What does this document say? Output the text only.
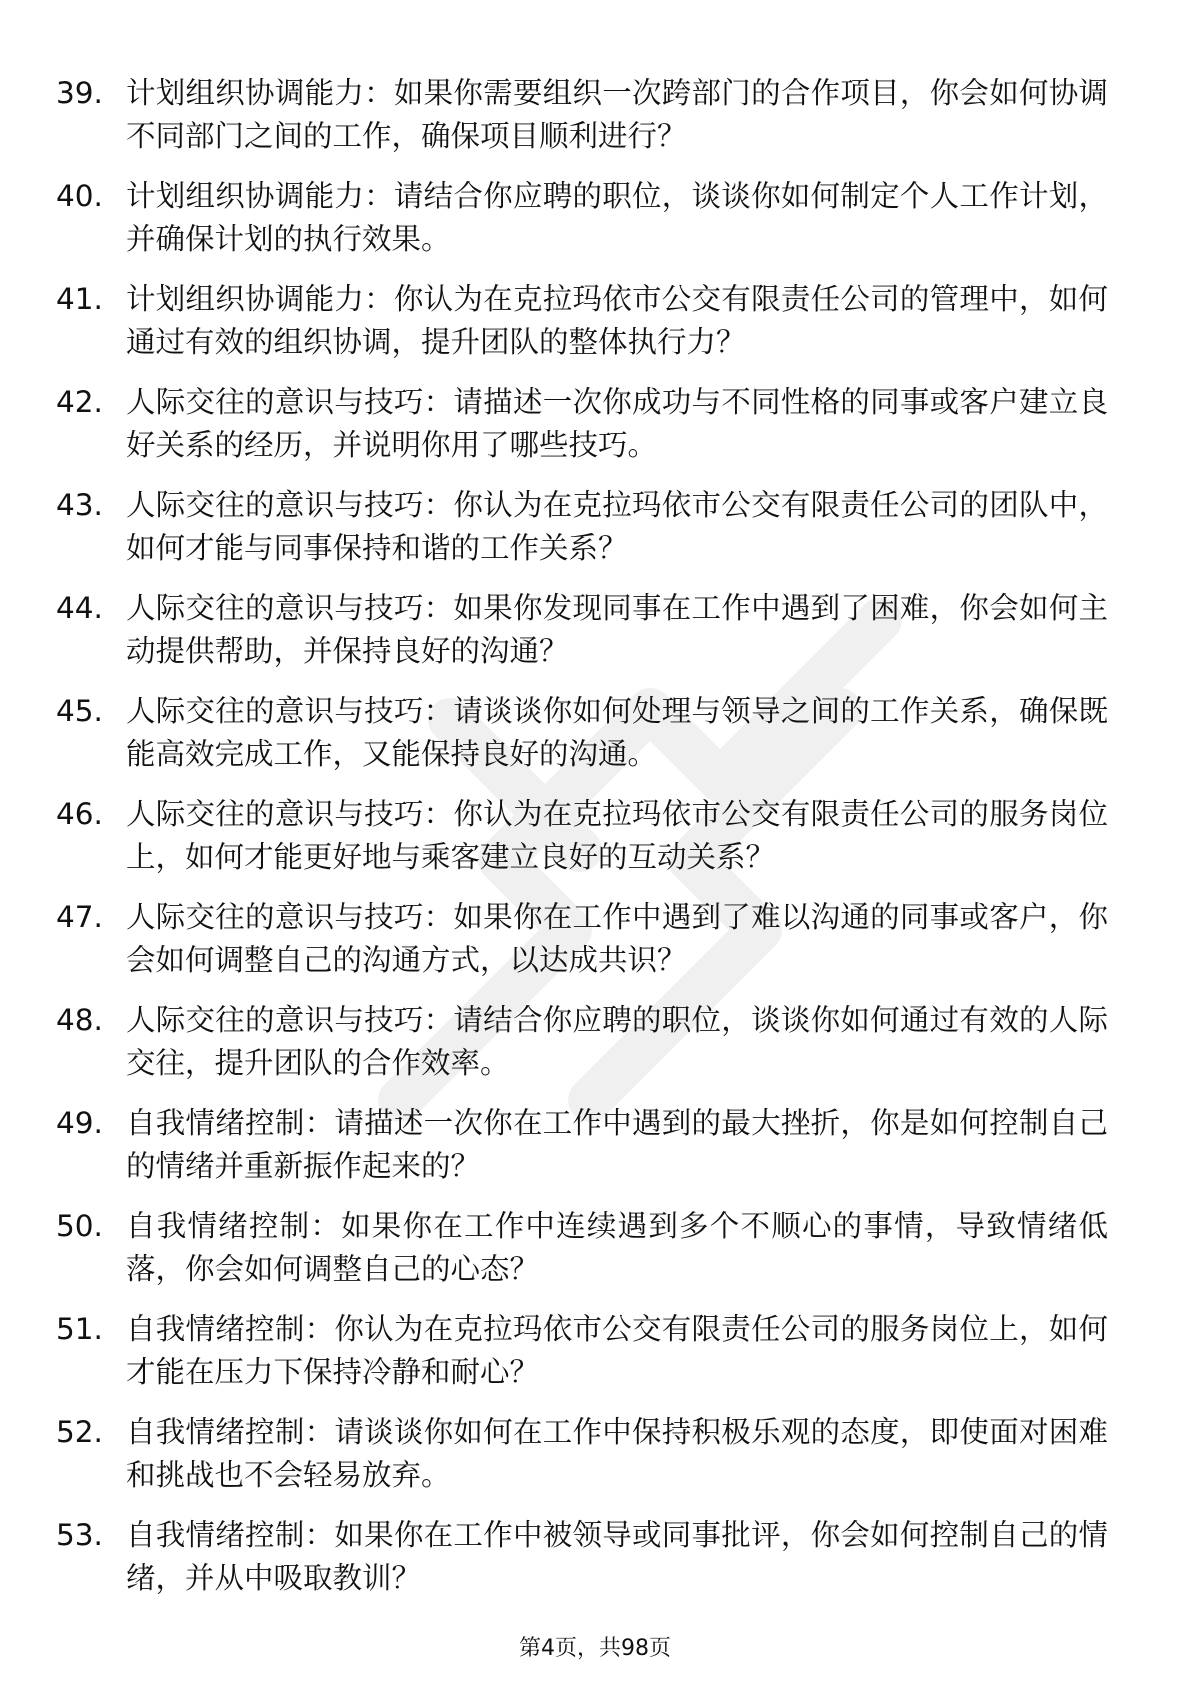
39. 计划组织协调能力：如果你需要组织一次跨部门的合作项目，你会如何协调不同部门之间的工作，确保项目顺利进行？
40. 计划组织协调能力：请结合你应聘的职位，谈谈你如何制定个人工作计划，并确保计划的执行效果。
41. 计划组织协调能力：你认为在克拉玛依市公交有限责任公司的管理中，如何通过有效的组织协调，提升团队的整体执行力？
42. 人际交往的意识与技巧：请描述一次你成功与不同性格的同事或客户建立良好关系的经历，并说明你用了哪些技巧。
43. 人际交往的意识与技巧：你认为在克拉玛依市公交有限责任公司的团队中，如何才能与同事保持和谐的工作关系？
44. 人际交往的意识与技巧：如果你发现同事在工作中遇到了困难，你会如何主动提供帮助，并保持良好的沟通？
45. 人际交往的意识与技巧：请谈谈你如何处理与领导之间的工作关系，确保既能高效完成工作，又能保持良好的沟通。
46. 人际交往的意识与技巧：你认为在克拉玛依市公交有限责任公司的服务岗位上，如何才能更好地与乘客建立良好的互动关系？
47. 人际交往的意识与技巧：如果你在工作中遇到了难以沟通的同事或客户，你会如何调整自己的沟通方式，以达成共识？
48. 人际交往的意识与技巧：请结合你应聘的职位，谈谈你如何通过有效的人际交往，提升团队的合作效率。
49. 自我情绪控制：请描述一次你在工作中遇到的最大挫折，你是如何控制自己的情绪并重新振作起来的？
50. 自我情绪控制：如果你在工作中连续遇到多个不顺心的事情，导致情绪低落，你会如何调整自己的心态？
51. 自我情绪控制：你认为在克拉玛依市公交有限责任公司的服务岗位上，如何才能在压力下保持冷静和耐心？
52. 自我情绪控制：请谈谈你如何在工作中保持积极乐观的态度，即使面对困难和挑战也不会轻易放弃。
53. 自我情绪控制：如果你在工作中被领导或同事批评，你会如何控制自己的情绪，并从中吸取教训？
第4页，共98页
